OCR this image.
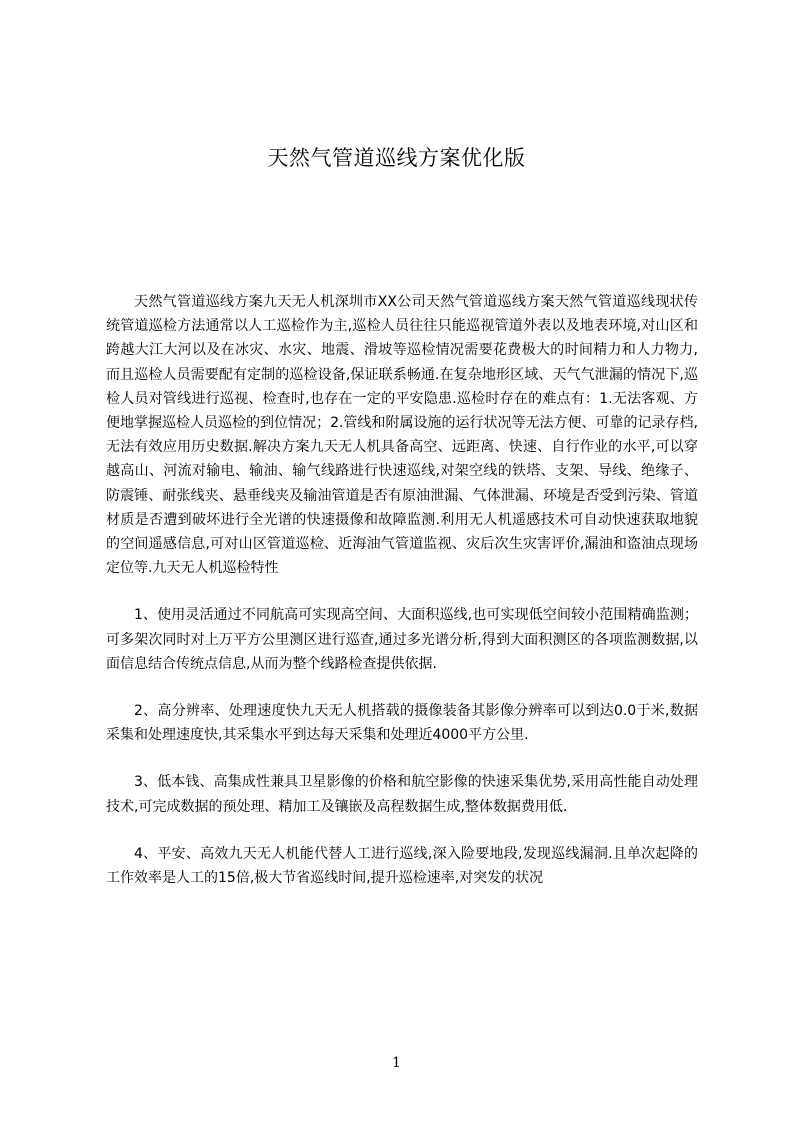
天然气管道巡线方案优化版

天然气管道巡线方案九天无人机深圳市XX公司天然气管道巡线方案天然气管道巡线现状传统管道巡检方法通常以人工巡检作为主,巡检人员往往只能巡视管道外表以及地表环境,对山区和跨越大江大河以及在冰灾、水灾、地震、滑坡等巡检情况需要花费极大的时间精力和人力物力,而且巡检人员需要配有定制的巡检设备,保证联系畅通.在复杂地形区域、天气气泄漏的情况下,巡检人员对管线进行巡视、检查时,也存在一定的平安隐患.巡检时存在的难点有：1.无法客观、方便地掌握巡检人员巡检的到位情况；2.管线和附属设施的运行状况等无法方便、可靠的记录存档,无法有效应用历史数据.解决方案九天无人机具备高空、远距离、快速、自行作业的水平,可以穿越高山、河流对输电、输油、输气线路进行快速巡线,对架空线的铁塔、支架、导线、绝缘子、防震锤、耐张线夹、悬垂线夹及输油管道是否有原油泄漏、气体泄漏、环境是否受到污染、管道材质是否遭到破坏进行全光谱的快速摄像和故障监测.利用无人机遥感技术可自动快速获取地貌的空间遥感信息,可对山区管道巡检、近海油气管道监视、灾后次生灾害评价,漏油和盗油点现场定位等.九天无人机巡检特性

1、使用灵活通过不同航高可实现高空间、大面积巡线,也可实现低空间较小范围精确监测；可多架次同时对上万平方公里测区进行巡查,通过多光谱分析,得到大面积测区的各项监测数据,以面信息结合传统点信息,从而为整个线路检查提供依据.

2、高分辨率、处理速度快九天无人机搭载的摄像装备其影像分辨率可以到达0.0于米,数据采集和处理速度快,其采集水平到达每天采集和处理近4000平方公里.

3、低本钱、高集成性兼具卫星影像的价格和航空影像的快速采集优势,采用高性能自动处理技术,可完成数据的预处理、精加工及镶嵌及高程数据生成,整体数据费用低.

4、平安、高效九天无人机能代替人工进行巡线,深入险要地段,发现巡线漏洞.且单次起降的工作效率是人工的15倍,极大节省巡线时间,提升巡检速率,对突发的状况

1
